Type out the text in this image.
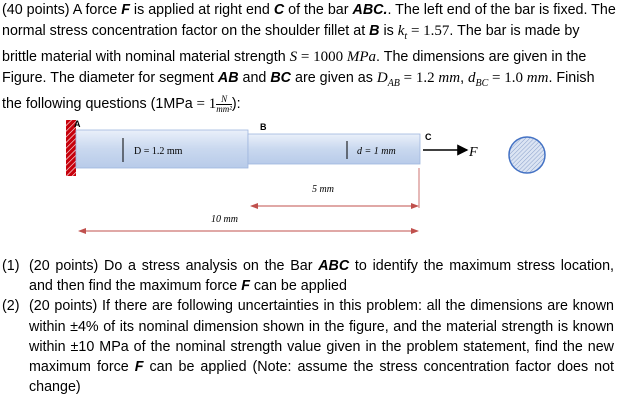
(40 points) A force F is applied at right end C of the bar ABC.. The left end of the bar is fixed. The normal stress concentration factor on the shoulder fillet at B is $k_t = 1.57$. The bar is made by brittle material with nominal material strength S = 1000 MPa. The dimensions are given in the Figure. The diameter for segment AB and BC are given as $D_{AB} = 1.2$ mm, $d_{BC} = 1.0$ mm. Finish the following questions ($1MPa = 1 \frac{N}{\text{mm²}}$ ):

A	B
C
D = 1.2 mm	d = 1 mm	F
5 mm
10 mm

(1) (20 points) Do a stress analysis on the Bar ABC to identify the maximum stress location, and then find the maximum force F can be applied

(2) (20 points) If there are following uncertainties in this problem: all the dimensions are known within ±4% of its nominal dimension shown in the figure, and the material strength is known within ±10 MPa of the nominal strength value given in the problem statement, find the new maximum force F can be applied (Note: assume the stress concentration factor does not change)
